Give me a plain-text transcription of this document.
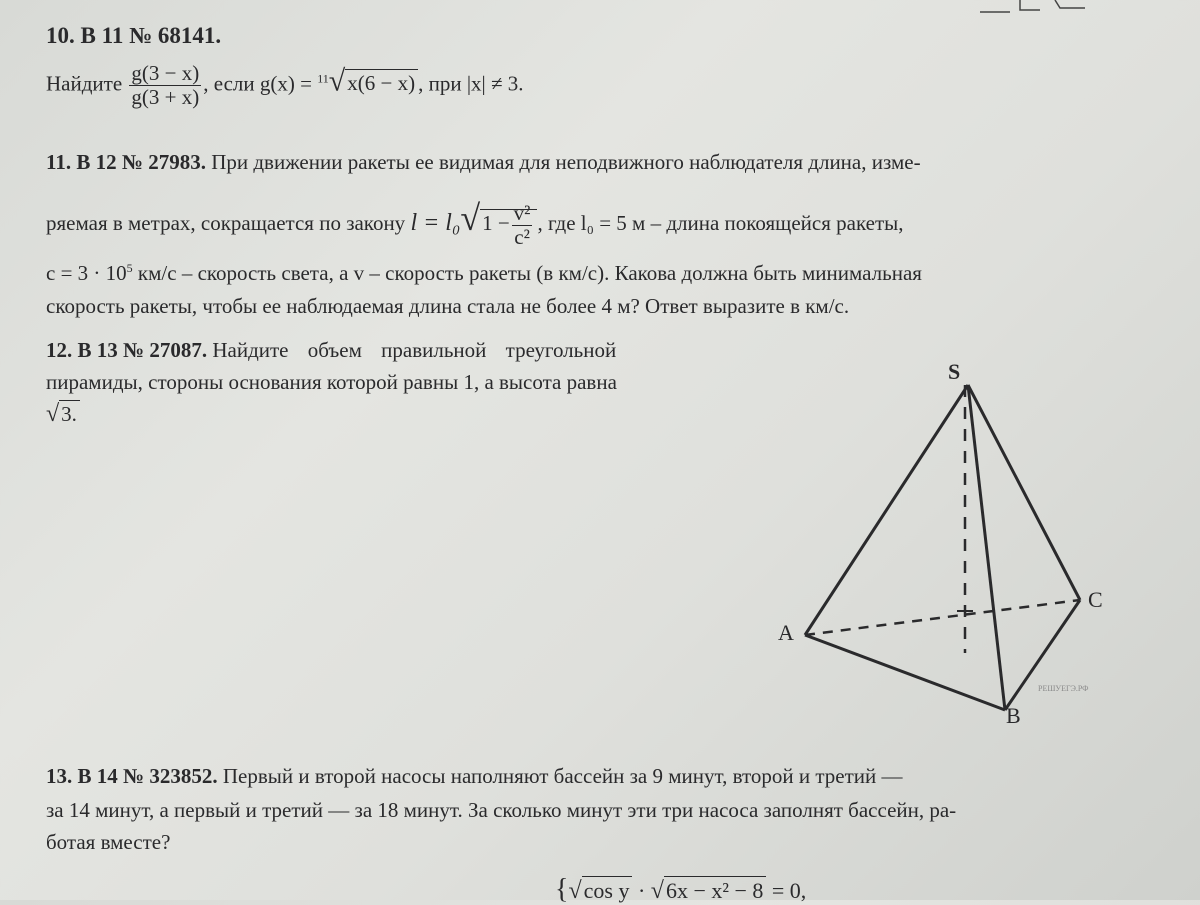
10. B 11 № 68141.
Найдите $\frac{g(3 - x)}{g(3 + x)}$ , если g(x) = $^{11}$√x(6 − x) , при |x| ≠ 3.
11. B 12 № 27983. При движении ракеты ее видимая для неподвижного наблюдателя длина, изме-
ряемая в метрах, сокращается по закону $l = l_0√1 - \frac{\text{v²}}{\text{c²}}$ , где l₀ = 5 м – длина покоящейся ракеты,
$c = 3 \cdot 10^5$ км/с – скорость света, а v – скорость ракеты (в км/с). Какова должна быть минимальная
скорость ракеты, чтобы ее наблюдаемая длина стала не более 4 м? Ответ выразите в км/с.
12. B 13 № 27087. Найдите объем правильной треугольной
пирамиды, стороны основания которой равны 1, а высота равна
√3.
S
A
B
C
РЕШУЕГЭ.РФ
13. B 14 № 323852. Первый и второй насосы наполняют бассейн за 9 минут, второй и третий —
за 14 минут, а первый и третий — за 18 минут. За сколько минут эти три насоса заполнят бассейн, ра-
ботая вместе?
{√cos y · √6x − x² − 8 = 0,
